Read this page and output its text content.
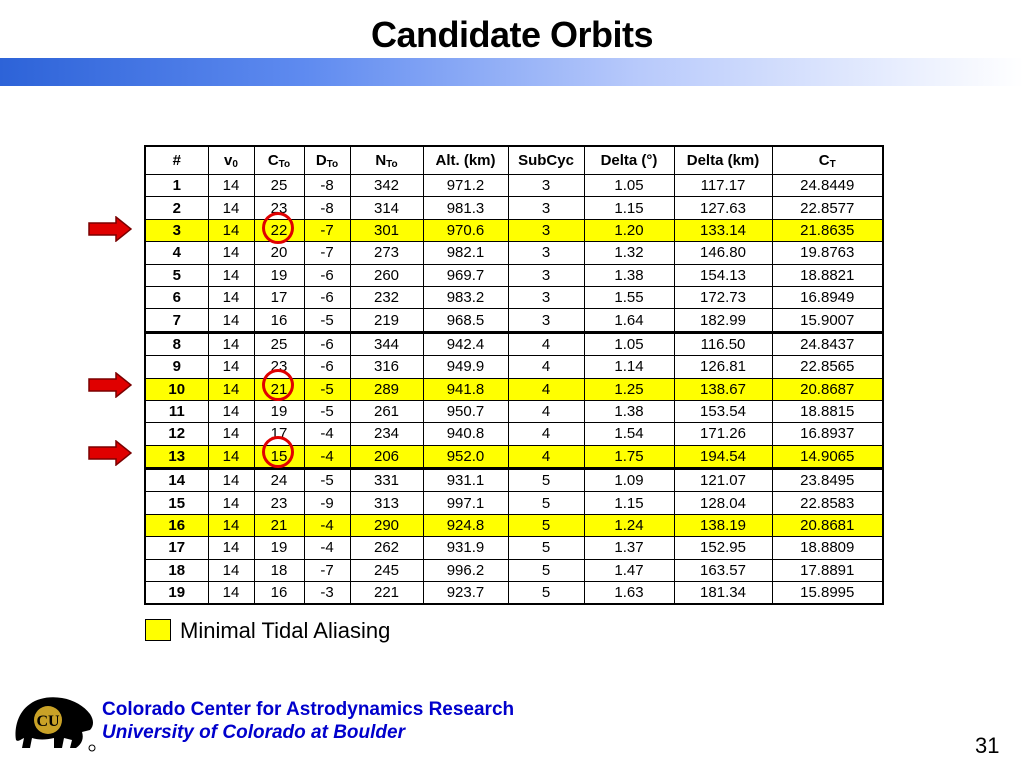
Candidate Orbits
#	$v_0$	$C_{To}$	$D_{To}$	$N_{To}$	Alt. (km)	SubCyc	Delta (°)	Delta (km)	$C_T$
1	14	25	-8	342	971.2	3	1.05	117.17	24.8449
2	14	23	-8	314	981.3	3	1.15	127.63	22.8577
3	14	22	-7	301	970.6	3	1.20	133.14	21.8635
4	14	20	-7	273	982.1	3	1.32	146.80	19.8763
5	14	19	-6	260	969.7	3	1.38	154.13	18.8821
6	14	17	-6	232	983.2	3	1.55	172.73	16.8949
7	14	16	-5	219	968.5	3	1.64	182.99	15.9007
8	14	25	-6	344	942.4	4	1.05	116.50	24.8437
9	14	23	-6	316	949.9	4	1.14	126.81	22.8565
10	14	21	-5	289	941.8	4	1.25	138.67	20.8687
11	14	19	-5	261	950.7	4	1.38	153.54	18.8815
12	14	17	-4	234	940.8	4	1.54	171.26	16.8937
13	14	15	-4	206	952.0	4	1.75	194.54	14.9065
14	14	24	-5	331	931.1	5	1.09	121.07	23.8495
15	14	23	-9	313	997.1	5	1.15	128.04	22.8583
16	14	21	-4	290	924.8	5	1.24	138.19	20.8681
17	14	19	-4	262	931.9	5	1.37	152.95	18.8809
18	14	18	-7	245	996.2	5	1.47	163.57	17.8891
19	14	16	-3	221	923.7	5	1.63	181.34	15.8995
Minimal Tidal Aliasing
CU
Colorado Center for Astrodynamics Research
University of Colorado at Boulder
31
